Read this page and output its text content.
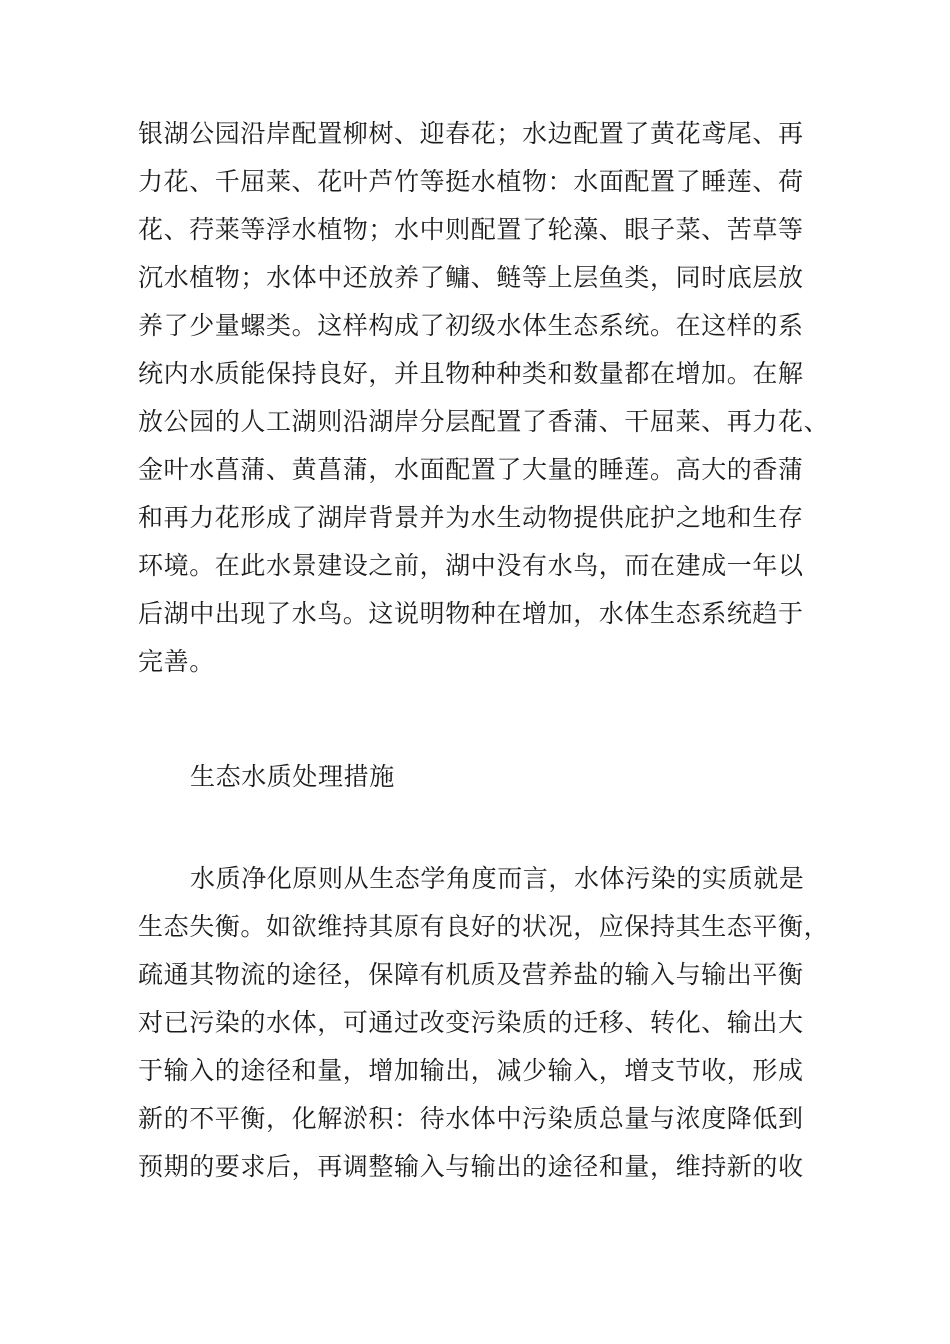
银湖公园沿岸配置柳树、迎春花；水边配置了黄花鸢尾、再
力花、千屈莱、花叶芦竹等挺水植物：水面配置了睡莲、荷
花、荇莱等浮水植物；水中则配置了轮藻、眼子菜、苦草等
沉水植物；水体中还放养了鳙、鲢等上层鱼类，同时底层放
养了少量螺类。这样构成了初级水体生态系统。在这样的系
统内水质能保持良好，并且物种种类和数量都在增加。在解
放公园的人工湖则沿湖岸分层配置了香蒲、干屈莱、再力花、
金叶水菖蒲、黄菖蒲，水面配置了大量的睡莲。高大的香蒲
和再力花形成了湖岸背景并为水生动物提供庇护之地和生存
环境。在此水景建设之前，湖中没有水鸟，而在建成一年以
后湖中出现了水鸟。这说明物种在增加，水体生态系统趋于
完善。
生态水质处理措施
水质净化原则从生态学角度而言，水体污染的实质就是
生态失衡。如欲维持其原有良好的状况，应保持其生态平衡，
疏通其物流的途径，保障有机质及营养盐的输入与输出平衡
对已污染的水体，可通过改变污染质的迁移、转化、输出大
于输入的途径和量，增加输出，减少输入，增支节收，形成
新的不平衡，化解淤积：待水体中污染质总量与浓度降低到
预期的要求后，再调整输入与输出的途径和量，维持新的收
